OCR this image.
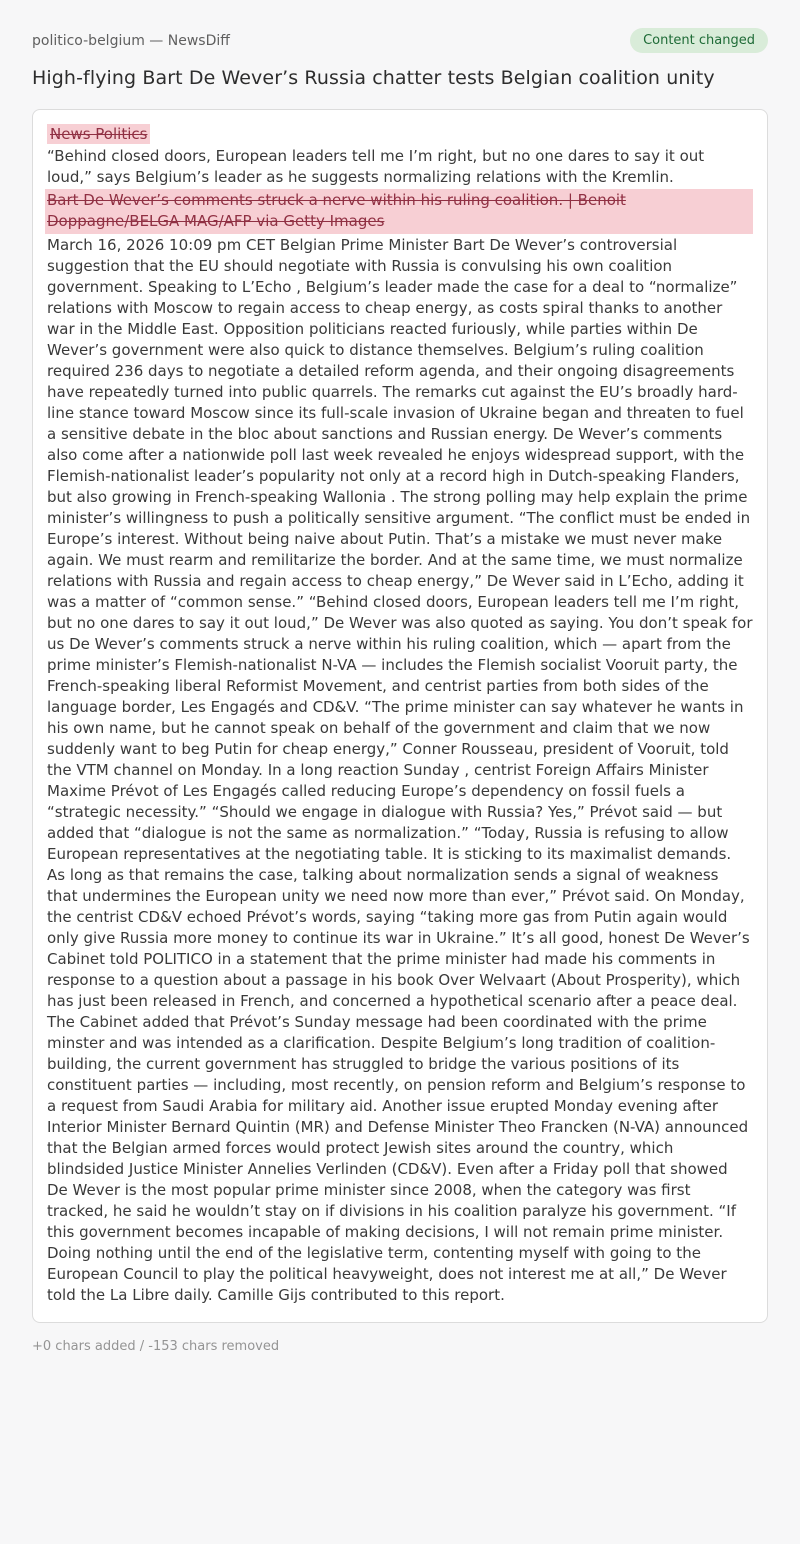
politico-belgium — NewsDiff	Content changed
High-flying Bart De Wever’s Russia chatter tests Belgian coalition unity

News Politics

“Behind closed doors, European leaders tell me I’m right, but no one dares to say it out loud,” says Belgium’s leader as he suggests normalizing relations with the Kremlin.

Bart De Wever’s comments struck a nerve within his ruling coalition. | Benoit Doppagne/BELGA MAG/AFP via Getty Images

March 16, 2026 10:09 pm CET Belgian Prime Minister Bart De Wever’s controversial suggestion that the EU should negotiate with Russia is convulsing his own coalition government. Speaking to L’Echo , Belgium’s leader made the case for a deal to “normalize” relations with Moscow to regain access to cheap energy, as costs spiral thanks to another war in the Middle East. Opposition politicians reacted furiously, while parties within De Wever’s government were also quick to distance themselves. Belgium’s ruling coalition required 236 days to negotiate a detailed reform agenda, and their ongoing disagreements have repeatedly turned into public quarrels. The remarks cut against the EU’s broadly hard-line stance toward Moscow since its full-scale invasion of Ukraine began and threaten to fuel a sensitive debate in the bloc about sanctions and Russian energy. De Wever’s comments also come after a nationwide poll last week revealed he enjoys widespread support, with the Flemish-nationalist leader’s popularity not only at a record high in Dutch-speaking Flanders, but also growing in French-speaking Wallonia . The strong polling may help explain the prime minister’s willingness to push a politically sensitive argument. “The conflict must be ended in Europe’s interest. Without being naive about Putin. That’s a mistake we must never make again. We must rearm and remilitarize the border. And at the same time, we must normalize relations with Russia and regain access to cheap energy,” De Wever said in L’Echo, adding it was a matter of “common sense.” “Behind closed doors, European leaders tell me I’m right, but no one dares to say it out loud,” De Wever was also quoted as saying. You don’t speak for us De Wever’s comments struck a nerve within his ruling coalition, which — apart from the prime minister’s Flemish-nationalist N-VA — includes the Flemish socialist Vooruit party, the French-speaking liberal Reformist Movement, and centrist parties from both sides of the language border, Les Engagés and CD&V. “The prime minister can say whatever he wants in his own name, but he cannot speak on behalf of the government and claim that we now suddenly want to beg Putin for cheap energy,” Conner Rousseau, president of Vooruit, told the VTM channel on Monday. In a long reaction Sunday , centrist Foreign Affairs Minister Maxime Prévot of Les Engagés called reducing Europe’s dependency on fossil fuels a “strategic necessity.” “Should we engage in dialogue with Russia? Yes,” Prévot said — but added that “dialogue is not the same as normalization.” “Today, Russia is refusing to allow European representatives at the negotiating table. It is sticking to its maximalist demands. As long as that remains the case, talking about normalization sends a signal of weakness that undermines the European unity we need now more than ever,” Prévot said. On Monday, the centrist CD&V echoed Prévot’s words, saying “taking more gas from Putin again would only give Russia more money to continue its war in Ukraine.” It’s all good, honest De Wever’s Cabinet told POLITICO in a statement that the prime minister had made his comments in response to a question about a passage in his book Over Welvaart (About Prosperity), which has just been released in French, and concerned a hypothetical scenario after a peace deal. The Cabinet added that Prévot’s Sunday message had been coordinated with the prime minster and was intended as a clarification. Despite Belgium’s long tradition of coalition-building, the current government has struggled to bridge the various positions of its constituent parties — including, most recently, on pension reform and Belgium’s response to a request from Saudi Arabia for military aid. Another issue erupted Monday evening after Interior Minister Bernard Quintin (MR) and Defense Minister Theo Francken (N-VA) announced that the Belgian armed forces would protect Jewish sites around the country, which blindsided Justice Minister Annelies Verlinden (CD&V). Even after a Friday poll that showed De Wever is the most popular prime minister since 2008, when the category was first tracked, he said he wouldn’t stay on if divisions in his coalition paralyze his government. “If this government becomes incapable of making decisions, I will not remain prime minister. Doing nothing until the end of the legislative term, contenting myself with going to the European Council to play the political heavyweight, does not interest me at all,” De Wever told the La Libre daily. Camille Gijs contributed to this report.

+0 chars added / -153 chars removed
